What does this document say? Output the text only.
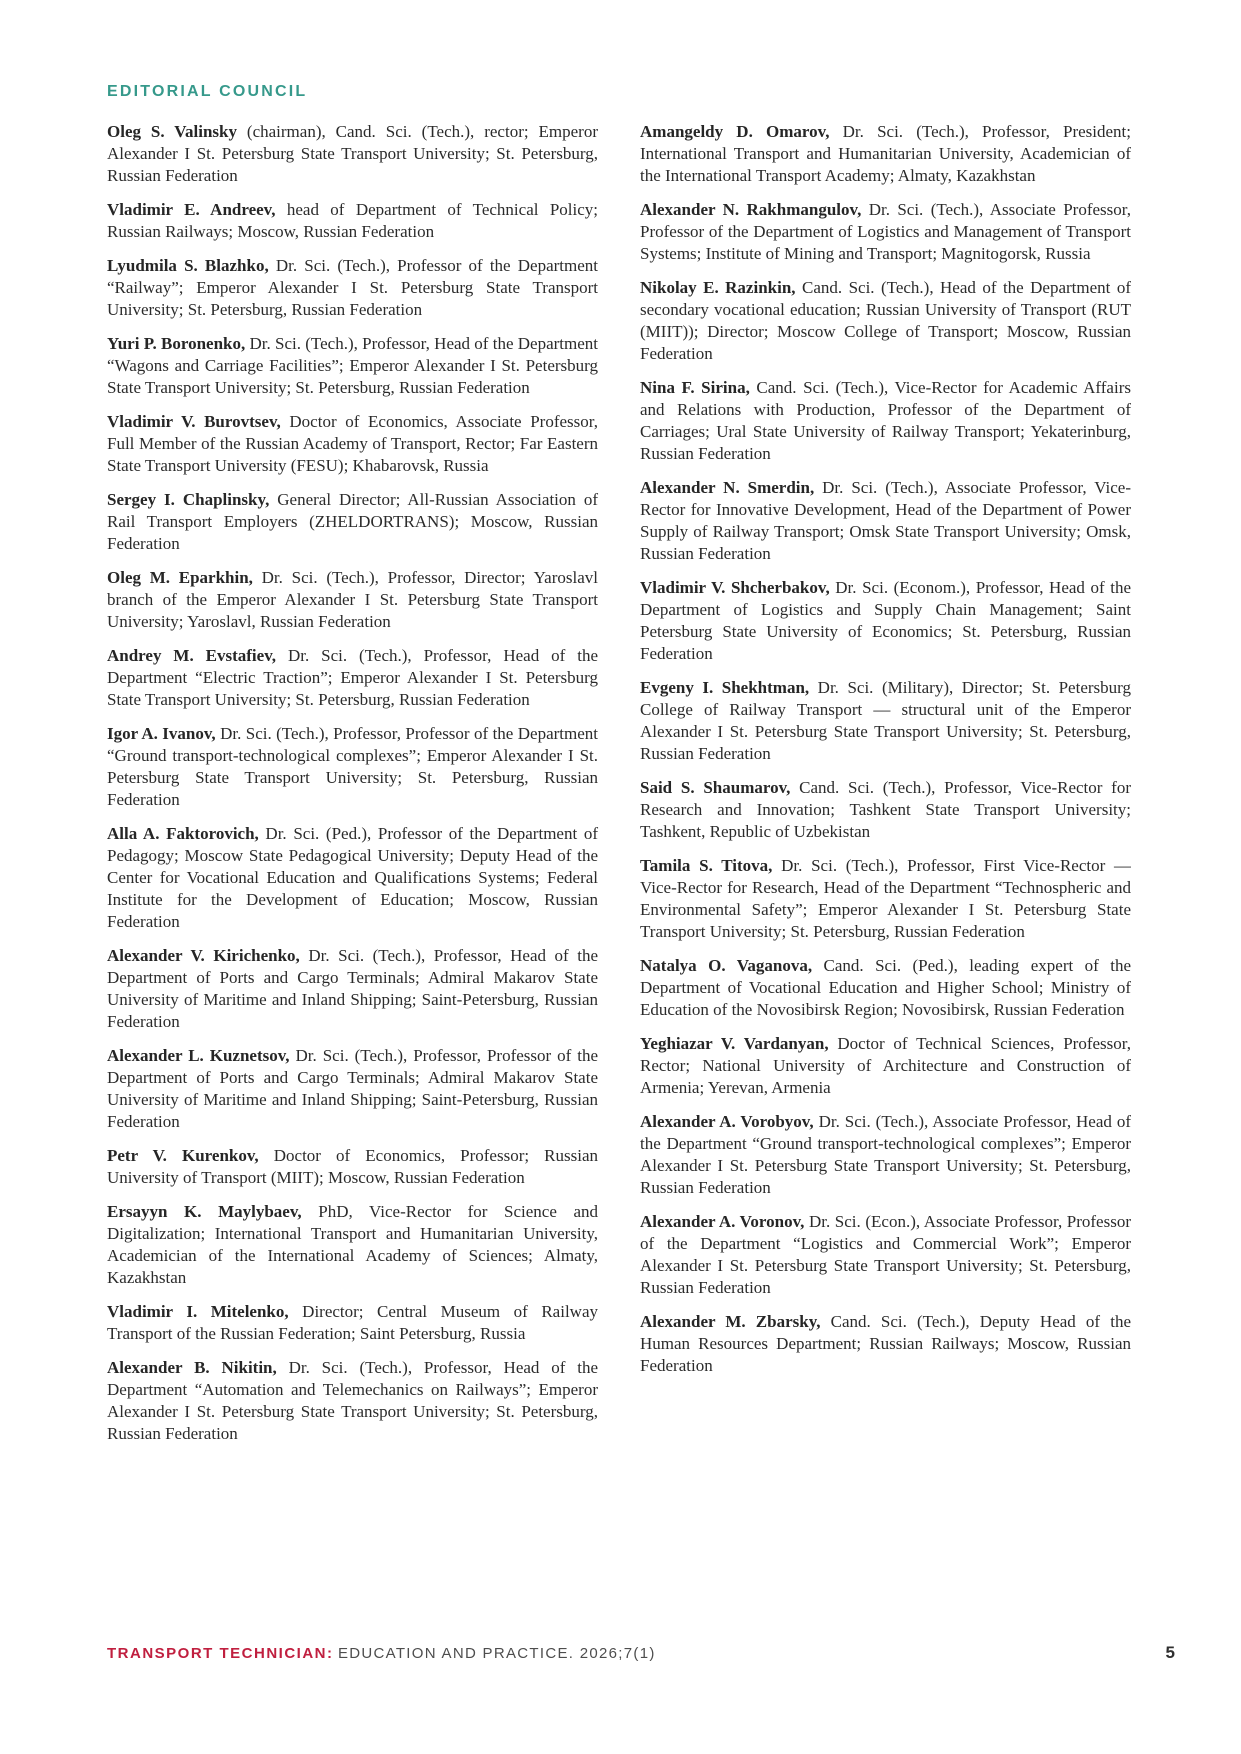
EDITORIAL COUNCIL

Oleg S. Valinsky (chairman), Cand. Sci. (Tech.), rector; Emperor Alexander I St. Petersburg State Transport University; St. Petersburg, Russian Federation

Vladimir E. Andreev, head of Department of Technical Policy; Russian Railways; Moscow, Russian Federation

Lyudmila S. Blazhko, Dr. Sci. (Tech.), Professor of the Department “Railway”; Emperor Alexander I St. Petersburg State Transport University; St. Petersburg, Russian Federation

Yuri P. Boronenko, Dr. Sci. (Tech.), Professor, Head of the Department “Wagons and Carriage Facilities”; Emperor Alexander I St. Petersburg State Transport University; St. Petersburg, Russian Federation

Vladimir V. Burovtsev, Doctor of Economics, Associate Professor, Full Member of the Russian Academy of Transport, Rector; Far Eastern State Transport University (FESU); Khabarovsk, Russia

Sergey I. Chaplinsky, General Director; All-Russian Association of Rail Transport Employers (ZHELDORTRANS); Moscow, Russian Federation

Oleg M. Eparkhin, Dr. Sci. (Tech.), Professor, Director; Yaroslavl branch of the Emperor Alexander I St. Petersburg State Transport University; Yaroslavl, Russian Federation

Andrey M. Evstafiev, Dr. Sci. (Tech.), Professor, Head of the Department “Electric Traction”; Emperor Alexander I St. Petersburg State Transport University; St. Petersburg, Russian Federation

Igor A. Ivanov, Dr. Sci. (Tech.), Professor, Professor of the Department “Ground transport-technological complexes”; Emperor Alexander I St. Petersburg State Transport University; St. Petersburg, Russian Federation

Alla A. Faktorovich, Dr. Sci. (Ped.), Professor of the Department of Pedagogy; Moscow State Pedagogical University; Deputy Head of the Center for Vocational Education and Qualifications Systems; Federal Institute for the Development of Education; Moscow, Russian Federation

Alexander V. Kirichenko, Dr. Sci. (Tech.), Professor, Head of the Department of Ports and Cargo Terminals; Admiral Makarov State University of Maritime and Inland Shipping; Saint-Petersburg, Russian Federation

Alexander L. Kuznetsov, Dr. Sci. (Tech.), Professor, Professor of the Department of Ports and Cargo Terminals; Admiral Makarov State University of Maritime and Inland Shipping; Saint-Petersburg, Russian Federation

Petr V. Kurenkov, Doctor of Economics, Professor; Russian University of Transport (MIIT); Moscow, Russian Federation

Ersayyn K. Maylybaev, PhD, Vice-Rector for Science and Digitalization; International Transport and Humanitarian University, Academician of the International Academy of Sciences; Almaty, Kazakhstan

Vladimir I. Mitelenko, Director; Central Museum of Railway Transport of the Russian Federation; Saint Petersburg, Russia

Alexander B. Nikitin, Dr. Sci. (Tech.), Professor, Head of the Department “Automation and Telemechanics on Railways”; Emperor Alexander I St. Petersburg State Transport University; St. Petersburg, Russian Federation

Amangeldy D. Omarov, Dr. Sci. (Tech.), Professor, President; International Transport and Humanitarian University, Academician of the International Transport Academy; Almaty, Kazakhstan

Alexander N. Rakhmangulov, Dr. Sci. (Tech.), Associate Professor, Professor of the Department of Logistics and Management of Transport Systems; Institute of Mining and Transport; Magnitogorsk, Russia

Nikolay E. Razinkin, Cand. Sci. (Tech.), Head of the Department of secondary vocational education; Russian University of Transport (RUT (MIIT)); Director; Moscow College of Transport; Moscow, Russian Federation

Nina F. Sirina, Cand. Sci. (Tech.), Vice-Rector for Academic Affairs and Relations with Production, Professor of the Department of Carriages; Ural State University of Railway Transport; Yekaterinburg, Russian Federation

Alexander N. Smerdin, Dr. Sci. (Tech.), Associate Professor, Vice-Rector for Innovative Development, Head of the Department of Power Supply of Railway Transport; Omsk State Transport University; Omsk, Russian Federation

Vladimir V. Shcherbakov, Dr. Sci. (Econom.), Professor, Head of the Department of Logistics and Supply Chain Management; Saint Petersburg State University of Economics; St. Petersburg, Russian Federation

Evgeny I. Shekhtman, Dr. Sci. (Military), Director; St. Petersburg College of Railway Transport — structural unit of the Emperor Alexander I St. Petersburg State Transport University; St. Petersburg, Russian Federation

Said S. Shaumarov, Cand. Sci. (Tech.), Professor, Vice-Rector for Research and Innovation; Tashkent State Transport University; Tashkent, Republic of Uzbekistan

Tamila S. Titova, Dr. Sci. (Tech.), Professor, First Vice-Rector — Vice-Rector for Research, Head of the Department “Technospheric and Environmental Safety”; Emperor Alexander I St. Petersburg State Transport University; St. Petersburg, Russian Federation

Natalya O. Vaganova, Cand. Sci. (Ped.), leading expert of the Department of Vocational Education and Higher School; Ministry of Education of the Novosibirsk Region; Novosibirsk, Russian Federation

Yeghiazar V. Vardanyan, Doctor of Technical Sciences, Professor, Rector; National University of Architecture and Construction of Armenia; Yerevan, Armenia

Alexander A. Vorobyov, Dr. Sci. (Tech.), Associate Professor, Head of the Department “Ground transport-technological complexes”; Emperor Alexander I St. Petersburg State Transport University; St. Petersburg, Russian Federation

Alexander A. Voronov, Dr. Sci. (Econ.), Associate Professor, Professor of the Department “Logistics and Commercial Work”; Emperor Alexander I St. Petersburg State Transport University; St. Petersburg, Russian Federation

Alexander M. Zbarsky, Cand. Sci. (Tech.), Deputy Head of the Human Resources Department; Russian Railways; Moscow, Russian Federation

TRANSPORT TECHNICIAN: EDUCATION AND PRACTICE. 2026;7(1)	5
